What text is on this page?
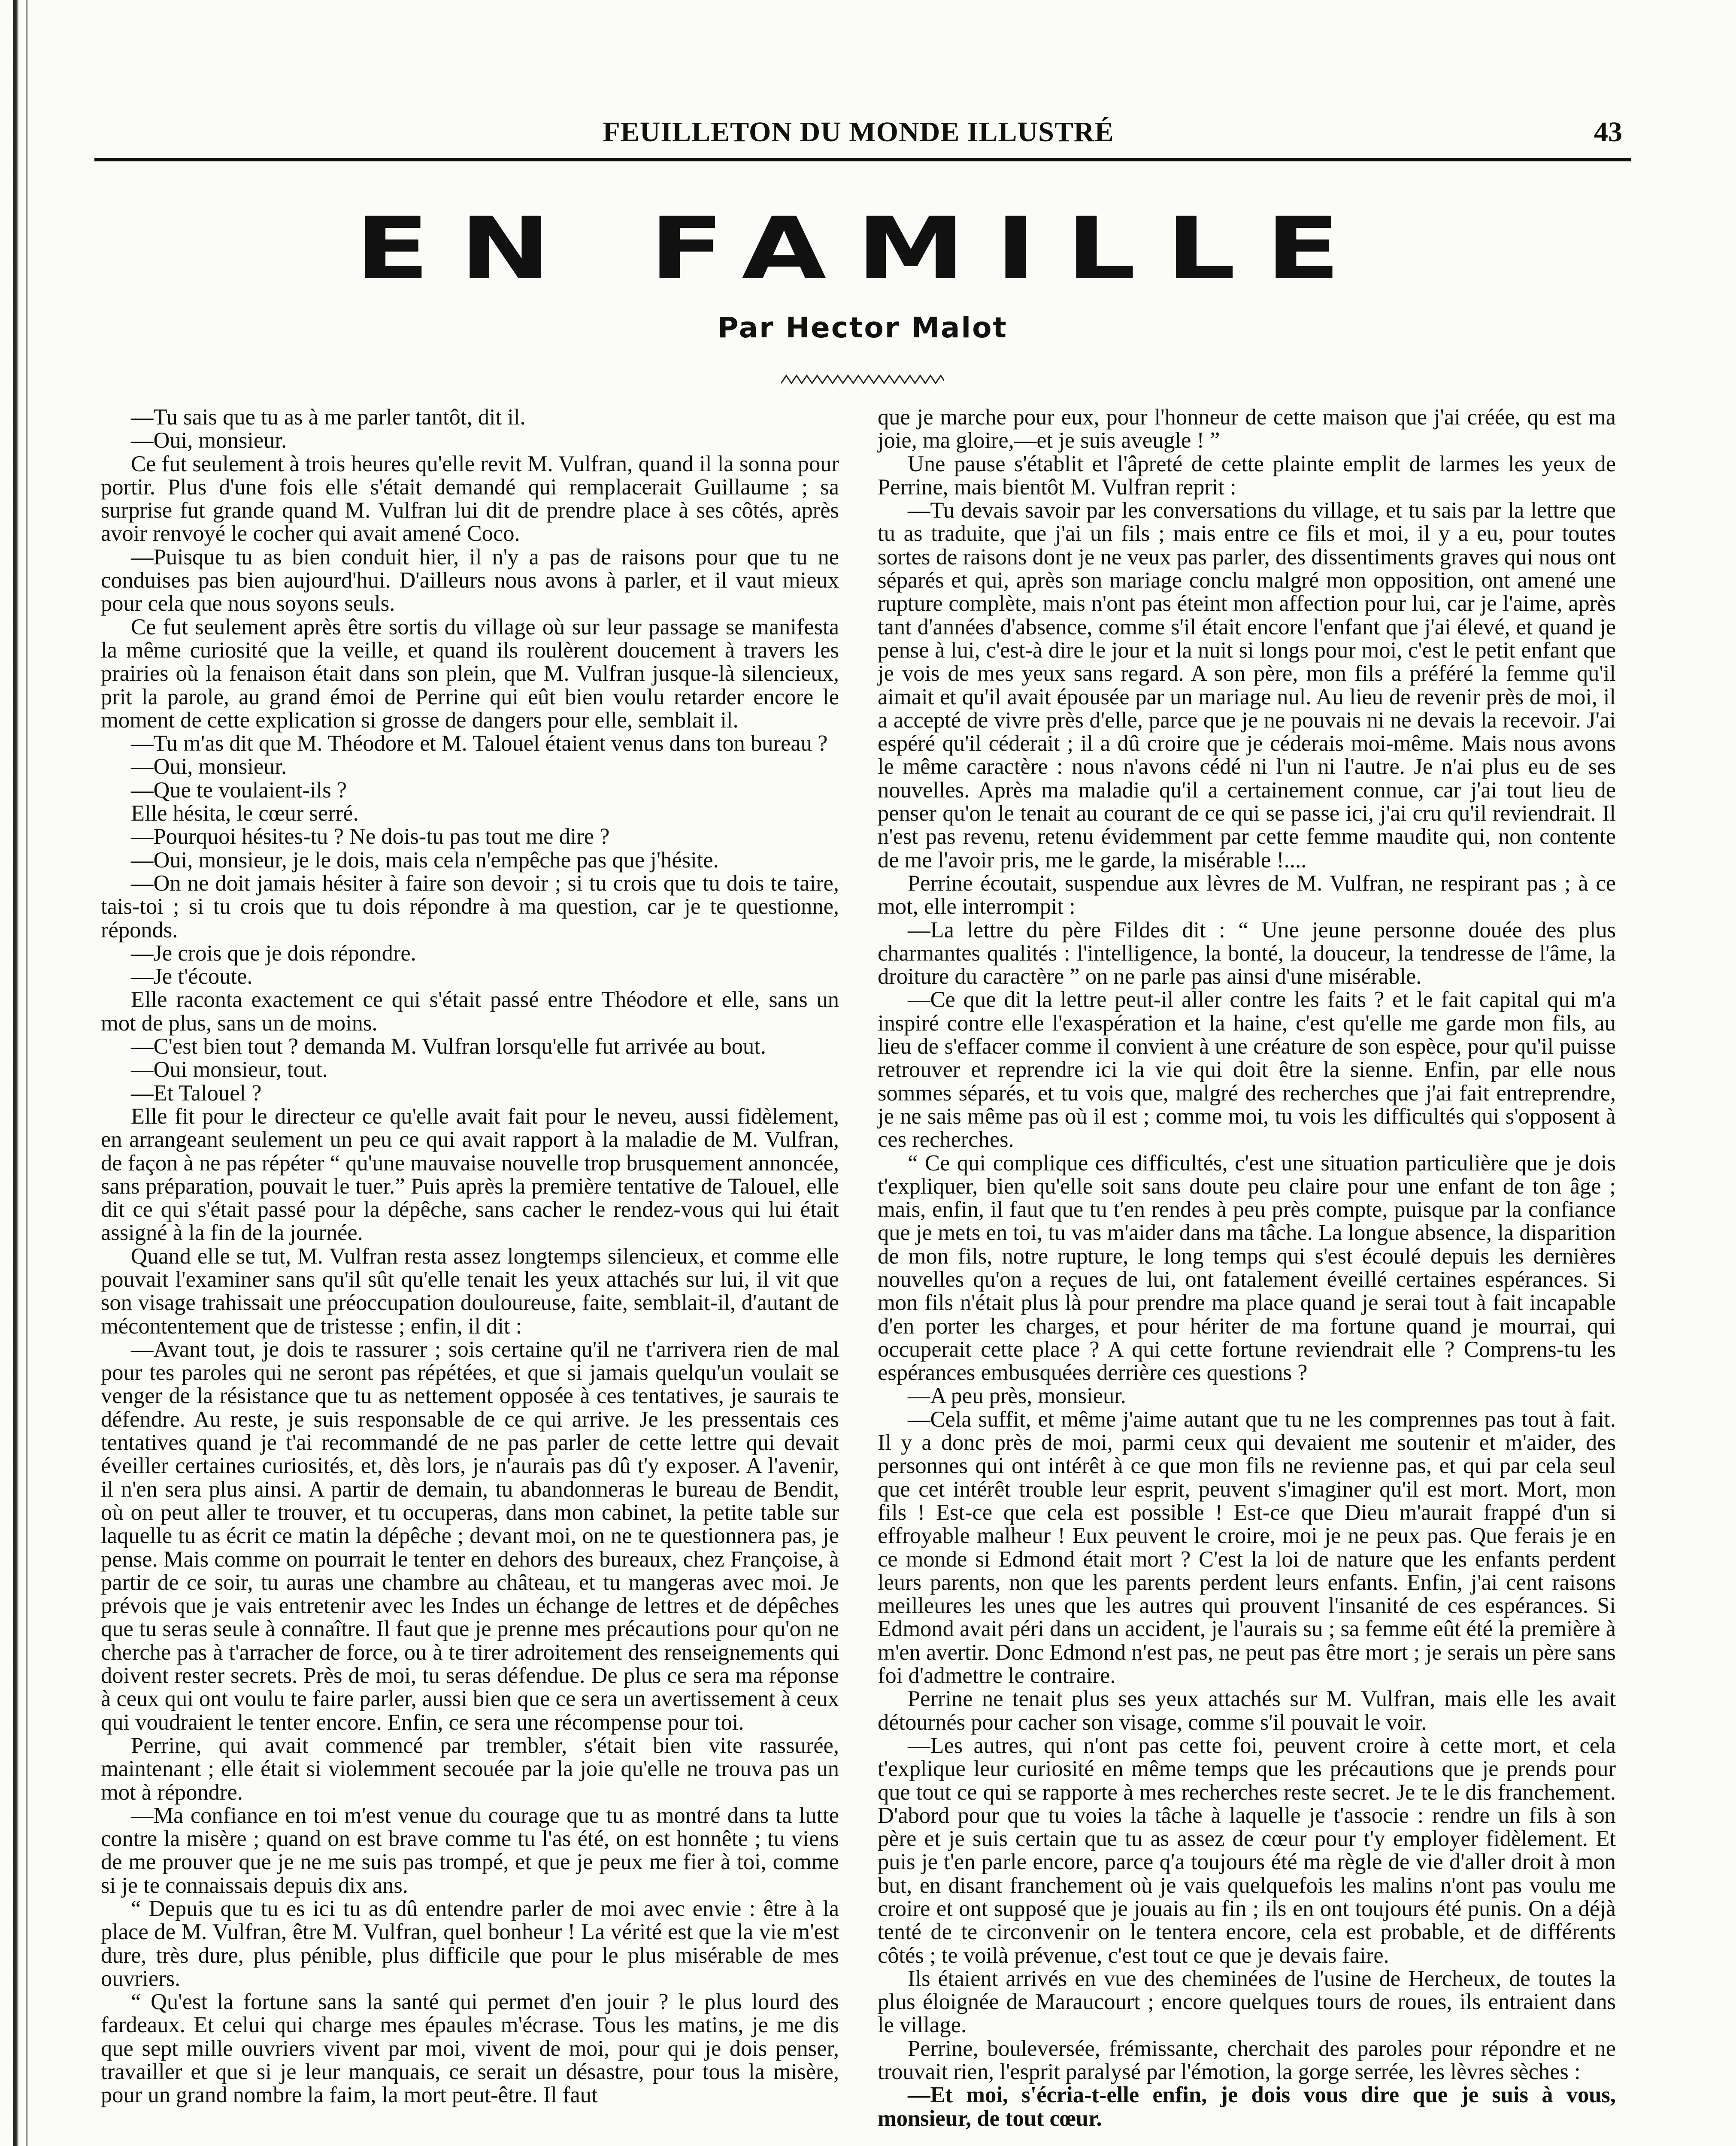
FEUILLETON DU MONDE ILLUSTRÉ	43
EN FAMILLE
Par Hector Malot

—Tu sais que tu as à me parler tantôt, dit il.

—Oui, monsieur.

Ce fut seulement à trois heures qu'elle revit M. Vulfran, quand il la sonna pour portir. Plus d'une fois elle s'était demandé qui remplacerait Guillaume ; sa surprise fut grande quand M. Vulfran lui dit de prendre place à ses côtés, après avoir renvoyé le cocher qui avait amené Coco.

—Puisque tu as bien conduit hier, il n'y a pas de raisons pour que tu ne conduises pas bien aujourd'hui. D'ailleurs nous avons à parler, et il vaut mieux pour cela que nous soyons seuls.

Ce fut seulement après être sortis du village où sur leur passage se manifesta la même curiosité que la veille, et quand ils roulèrent doucement à travers les prairies où la fenaison était dans son plein, que M. Vulfran jusque-là silencieux, prit la parole, au grand émoi de Perrine qui eût bien voulu retarder encore le moment de cette explication si grosse de dangers pour elle, semblait il.

—Tu m'as dit que M. Théodore et M. Talouel étaient venus dans ton bureau ?

—Oui, monsieur.

—Que te voulaient-ils ?

Elle hésita, le cœur serré.

—Pourquoi hésites-tu ? Ne dois-tu pas tout me dire ?

—Oui, monsieur, je le dois, mais cela n'empêche pas que j'hésite.

—On ne doit jamais hésiter à faire son devoir ; si tu crois que tu dois te taire, tais-toi ; si tu crois que tu dois répondre à ma question, car je te questionne, réponds.

—Je crois que je dois répondre.

—Je t'écoute.

Elle raconta exactement ce qui s'était passé entre Théodore et elle, sans un mot de plus, sans un de moins.

—C'est bien tout ? demanda M. Vulfran lorsqu'elle fut arrivée au bout.

—Oui monsieur, tout.

—Et Talouel ?

Elle fit pour le directeur ce qu'elle avait fait pour le neveu, aussi fidèlement, en arrangeant seulement un peu ce qui avait rapport à la maladie de M. Vulfran, de façon à ne pas répéter “ qu'une mauvaise nouvelle trop brusquement annoncée, sans préparation, pouvait le tuer.” Puis après la première tentative de Talouel, elle dit ce qui s'était passé pour la dépêche, sans cacher le rendez-vous qui lui était assigné à la fin de la journée.

Quand elle se tut, M. Vulfran resta assez longtemps silencieux, et comme elle pouvait l'examiner sans qu'il sût qu'elle tenait les yeux attachés sur lui, il vit que son visage trahissait une préoccupation douloureuse, faite, semblait-il, d'autant de mécontentement que de tristesse ; enfin, il dit :

—Avant tout, je dois te rassurer ; sois certaine qu'il ne t'arrivera rien de mal pour tes paroles qui ne seront pas répétées, et que si jamais quelqu'un voulait se venger de la résistance que tu as nettement opposée à ces tentatives, je saurais te défendre. Au reste, je suis responsable de ce qui arrive. Je les pressentais ces tentatives quand je t'ai recommandé de ne pas parler de cette lettre qui devait éveiller certaines curiosités, et, dès lors, je n'aurais pas dû t'y exposer. A l'avenir, il n'en sera plus ainsi. A partir de demain, tu abandonneras le bureau de Bendit, où on peut aller te trouver, et tu occuperas, dans mon cabinet, la petite table sur laquelle tu as écrit ce matin la dépêche ; devant moi, on ne te questionnera pas, je pense. Mais comme on pourrait le tenter en dehors des bureaux, chez Françoise, à partir de ce soir, tu auras une chambre au château, et tu mangeras avec moi. Je prévois que je vais entretenir avec les Indes un échange de lettres et de dépêches que tu seras seule à connaître. Il faut que je prenne mes précautions pour qu'on ne cherche pas à t'arracher de force, ou à te tirer adroitement des renseignements qui doivent rester secrets. Près de moi, tu seras défendue. De plus ce sera ma réponse à ceux qui ont voulu te faire parler, aussi bien que ce sera un avertissement à ceux qui voudraient le tenter encore. Enfin, ce sera une récompense pour toi.

Perrine, qui avait commencé par trembler, s'était bien vite rassurée, maintenant ; elle était si violemment secouée par la joie qu'elle ne trouva pas un mot à répondre.

—Ma confiance en toi m'est venue du courage que tu as montré dans ta lutte contre la misère ; quand on est brave comme tu l'as été, on est honnête ; tu viens de me prouver que je ne me suis pas trompé, et que je peux me fier à toi, comme si je te connaissais depuis dix ans.

“ Depuis que tu es ici tu as dû entendre parler de moi avec envie : être à la place de M. Vulfran, être M. Vulfran, quel bonheur ! La vérité est que la vie m'est dure, très dure, plus pénible, plus difficile que pour le plus misérable de mes ouvriers.

“ Qu'est la fortune sans la santé qui permet d'en jouir ? le plus lourd des fardeaux. Et celui qui charge mes épaules m'écrase. Tous les matins, je me dis que sept mille ouvriers vivent par moi, vivent de moi, pour qui je dois penser, travailler et que si je leur manquais, ce serait un désastre, pour tous la misère, pour un grand nombre la faim, la mort peut-être. Il faut

que je marche pour eux, pour l'honneur de cette maison que j'ai créée, qu est ma joie, ma gloire,—et je suis aveugle ! ”

Une pause s'établit et l'âpreté de cette plainte emplit de larmes les yeux de Perrine, mais bientôt M. Vulfran reprit :

—Tu devais savoir par les conversations du village, et tu sais par la lettre que tu as traduite, que j'ai un fils ; mais entre ce fils et moi, il y a eu, pour toutes sortes de raisons dont je ne veux pas parler, des dissentiments graves qui nous ont séparés et qui, après son mariage conclu malgré mon opposition, ont amené une rupture complète, mais n'ont pas éteint mon affection pour lui, car je l'aime, après tant d'années d'absence, comme s'il était encore l'enfant que j'ai élevé, et quand je pense à lui, c'est-à dire le jour et la nuit si longs pour moi, c'est le petit enfant que je vois de mes yeux sans regard. A son père, mon fils a préféré la femme qu'il aimait et qu'il avait épousée par un mariage nul. Au lieu de revenir près de moi, il a accepté de vivre près d'elle, parce que je ne pouvais ni ne devais la recevoir. J'ai espéré qu'il céderait ; il a dû croire que je céderais moi-même. Mais nous avons le même caractère : nous n'avons cédé ni l'un ni l'autre. Je n'ai plus eu de ses nouvelles. Après ma maladie qu'il a certainement connue, car j'ai tout lieu de penser qu'on le tenait au courant de ce qui se passe ici, j'ai cru qu'il reviendrait. Il n'est pas revenu, retenu évidemment par cette femme maudite qui, non contente de me l'avoir pris, me le garde, la misérable !....

Perrine écoutait, suspendue aux lèvres de M. Vulfran, ne respirant pas ; à ce mot, elle interrompit :

—La lettre du père Fildes dit : “ Une jeune personne douée des plus charmantes qualités : l'intelligence, la bonté, la douceur, la tendresse de l'âme, la droiture du caractère ” on ne parle pas ainsi d'une misérable.

—Ce que dit la lettre peut-il aller contre les faits ? et le fait capital qui m'a inspiré contre elle l'exaspération et la haine, c'est qu'elle me garde mon fils, au lieu de s'effacer comme il convient à une créature de son espèce, pour qu'il puisse retrouver et reprendre ici la vie qui doit être la sienne. Enfin, par elle nous sommes séparés, et tu vois que, malgré des recherches que j'ai fait entreprendre, je ne sais même pas où il est ; comme moi, tu vois les difficultés qui s'opposent à ces recherches.

“ Ce qui complique ces difficultés, c'est une situation particulière que je dois t'expliquer, bien qu'elle soit sans doute peu claire pour une enfant de ton âge ; mais, enfin, il faut que tu t'en rendes à peu près compte, puisque par la confiance que je mets en toi, tu vas m'aider dans ma tâche. La longue absence, la disparition de mon fils, notre rupture, le long temps qui s'est écoulé depuis les dernières nouvelles qu'on a reçues de lui, ont fatalement éveillé certaines espérances. Si mon fils n'était plus là pour prendre ma place quand je serai tout à fait incapable d'en porter les charges, et pour hériter de ma fortune quand je mourrai, qui occuperait cette place ? A qui cette fortune reviendrait elle ? Comprens-tu les espérances embusquées derrière ces questions ?

—A peu près, monsieur.

—Cela suffit, et même j'aime autant que tu ne les comprennes pas tout à fait. Il y a donc près de moi, parmi ceux qui devaient me soutenir et m'aider, des personnes qui ont intérêt à ce que mon fils ne revienne pas, et qui par cela seul que cet intérêt trouble leur esprit, peuvent s'imaginer qu'il est mort. Mort, mon fils ! Est-ce que cela est possible ! Est-ce que Dieu m'aurait frappé d'un si effroyable malheur ! Eux peuvent le croire, moi je ne peux pas. Que ferais je en ce monde si Edmond était mort ? C'est la loi de nature que les enfants perdent leurs parents, non que les parents perdent leurs enfants. Enfin, j'ai cent raisons meilleures les unes que les autres qui prouvent l'insanité de ces espérances. Si Edmond avait péri dans un accident, je l'aurais su ; sa femme eût été la première à m'en avertir. Donc Edmond n'est pas, ne peut pas être mort ; je serais un père sans foi d'admettre le contraire.

Perrine ne tenait plus ses yeux attachés sur M. Vulfran, mais elle les avait détournés pour cacher son visage, comme s'il pouvait le voir.

—Les autres, qui n'ont pas cette foi, peuvent croire à cette mort, et cela t'explique leur curiosité en même temps que les précautions que je prends pour que tout ce qui se rapporte à mes recherches reste secret. Je te le dis franchement. D'abord pour que tu voies la tâche à laquelle je t'associe : rendre un fils à son père et je suis certain que tu as assez de cœur pour t'y employer fidèlement. Et puis je t'en parle encore, parce q'a toujours été ma règle de vie d'aller droit à mon but, en disant franchement où je vais quelquefois les malins n'ont pas voulu me croire et ont supposé que je jouais au fin ; ils en ont toujours été punis. On a déjà tenté de te circonvenir on le tentera encore, cela est probable, et de différents côtés ; te voilà prévenue, c'est tout ce que je devais faire.

Ils étaient arrivés en vue des cheminées de l'usine de Hercheux, de toutes la plus éloignée de Maraucourt ; encore quelques tours de roues, ils entraient dans le village.

Perrine, bouleversée, frémissante, cherchait des paroles pour répondre et ne trouvait rien, l'esprit paralysé par l'émotion, la gorge serrée, les lèvres sèches :

—Et moi, s'écria-t-elle enfin, je dois vous dire que je suis à vous, monsieur, de tout cœur.
